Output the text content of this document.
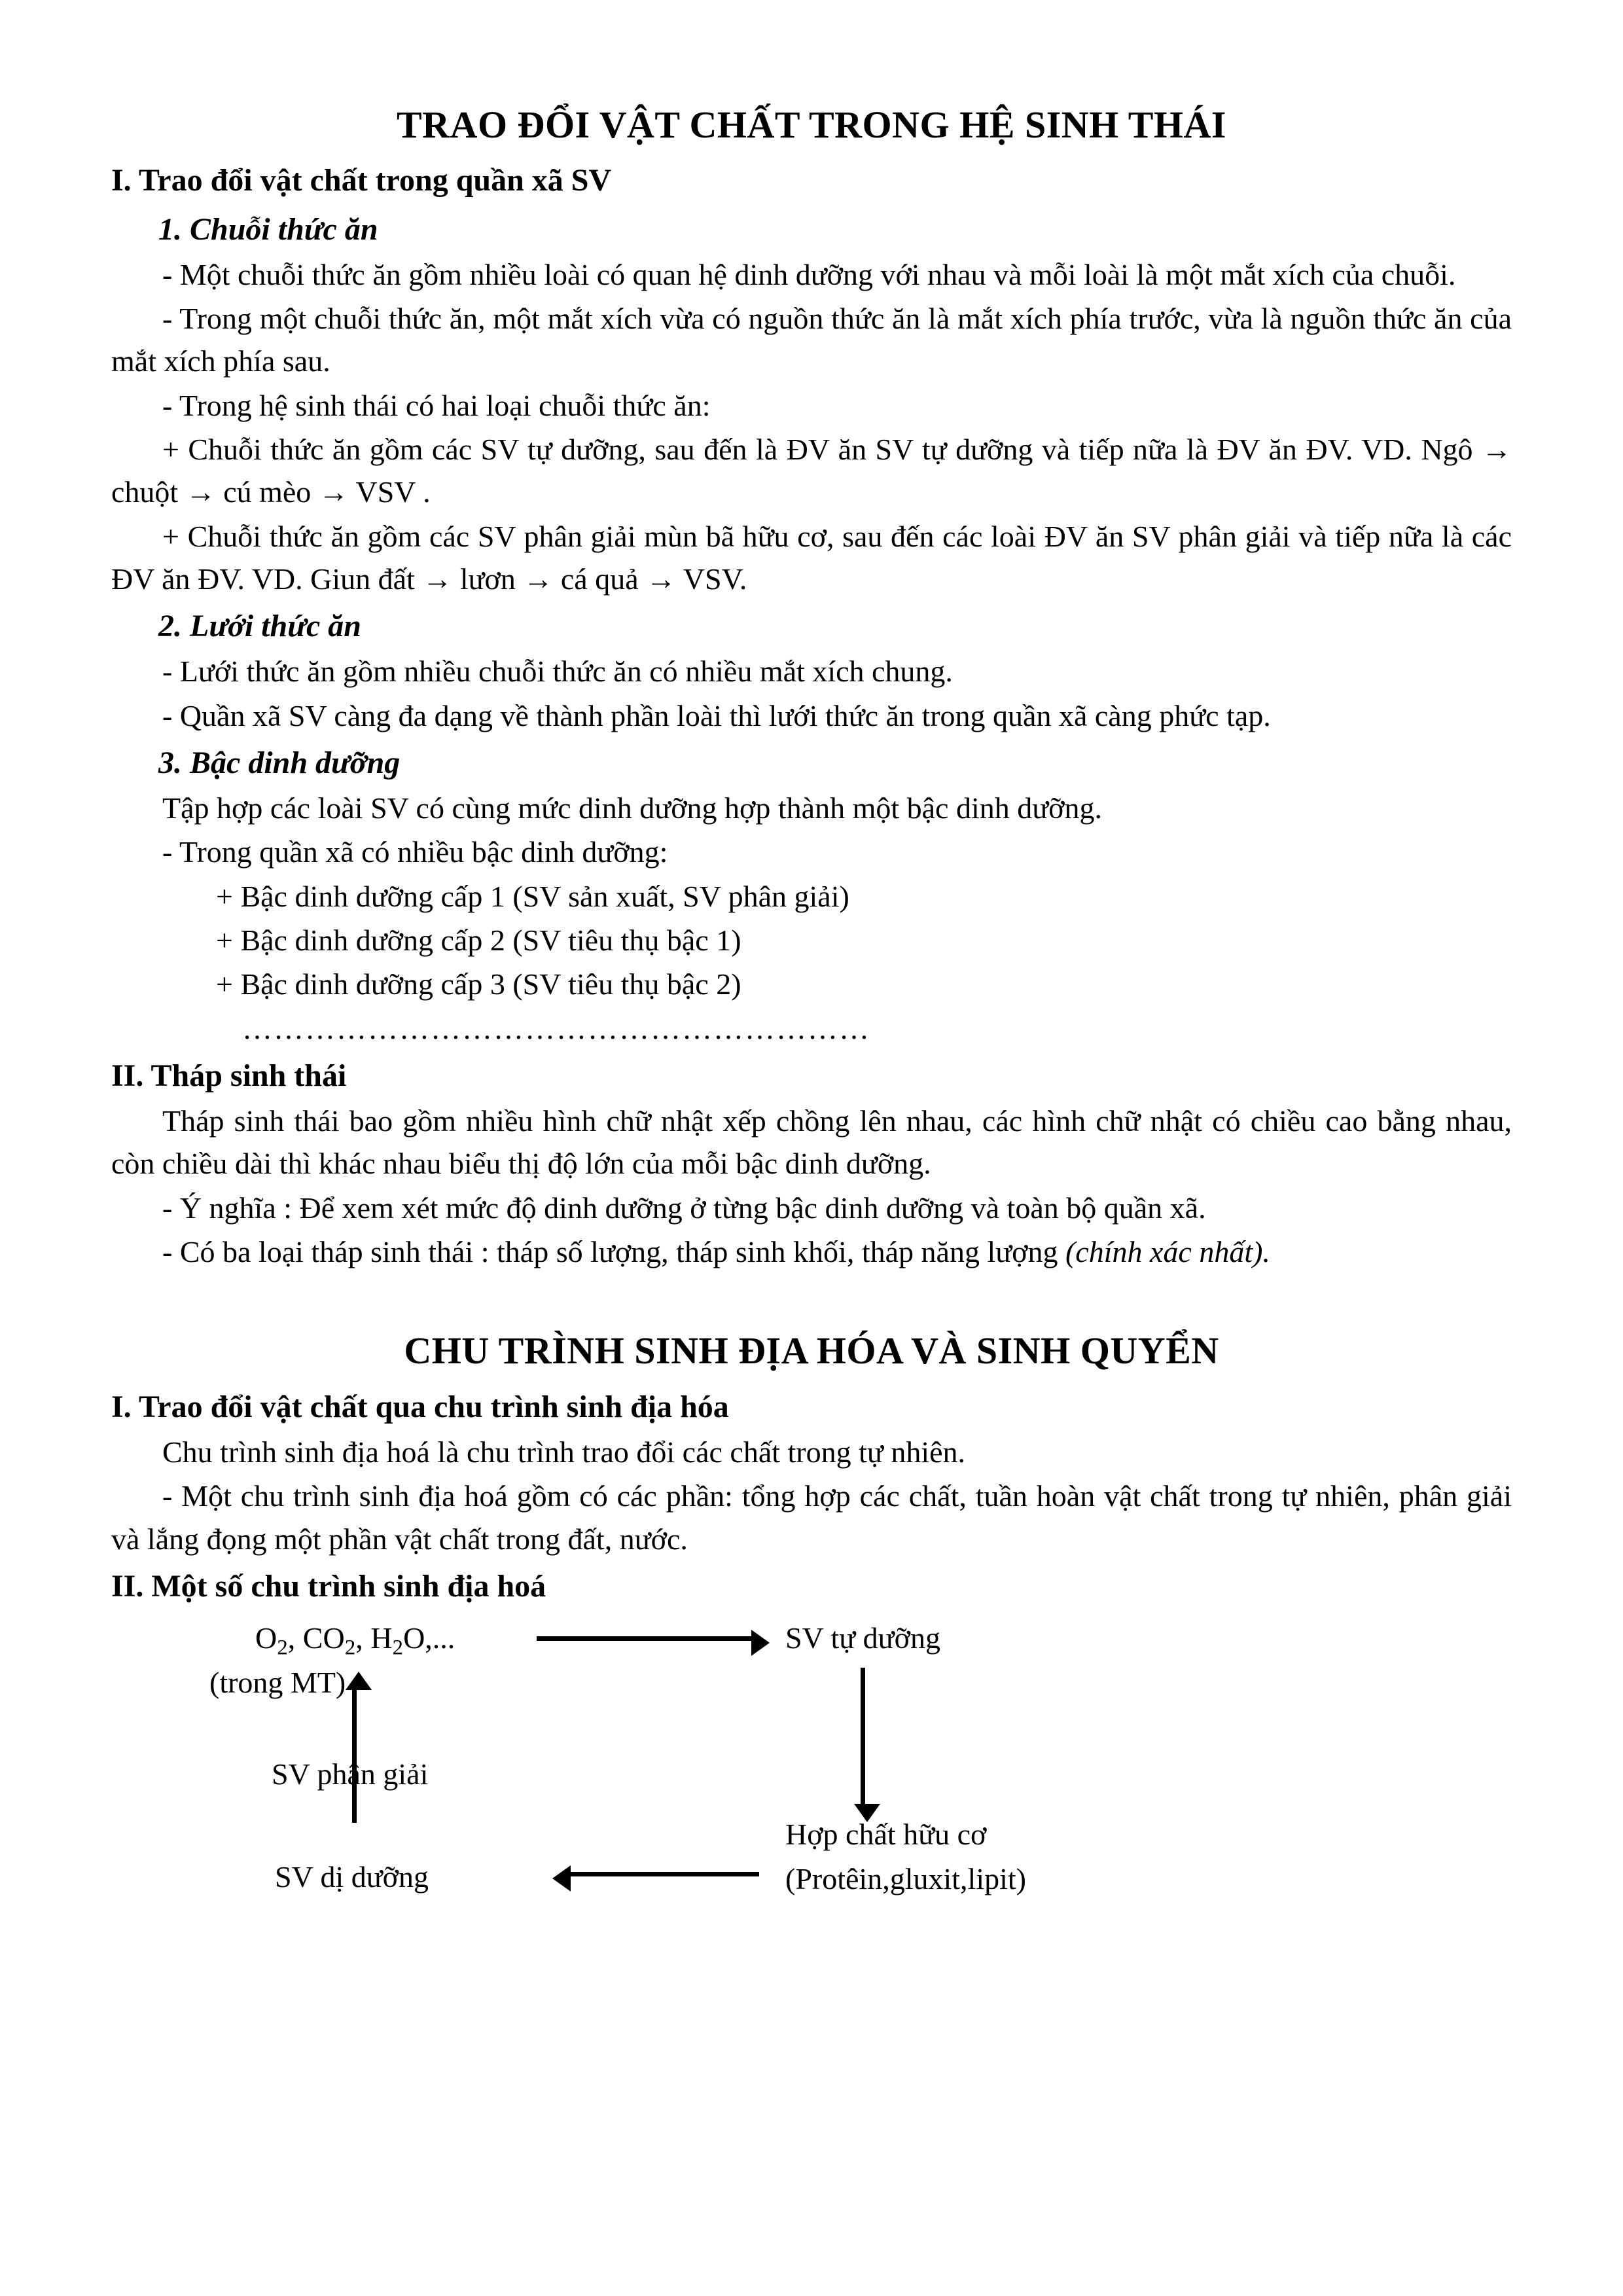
TRAO ĐỔI VẬT CHẤT TRONG HỆ SINH THÁI
I. Trao đổi vật chất trong quần xã SV
1. Chuỗi thức ăn

- Một chuỗi thức ăn gồm nhiều loài có quan hệ dinh dưỡng với nhau và mỗi loài là một mắt xích của chuỗi.

- Trong một chuỗi thức ăn, một mắt xích vừa có nguồn thức ăn là mắt xích phía trước, vừa là nguồn thức ăn của mắt xích phía sau.

- Trong hệ sinh thái có hai loại chuỗi thức ăn:

+ Chuỗi thức ăn gồm các SV tự dưỡng, sau đến là ĐV ăn SV tự dưỡng và tiếp nữa là ĐV ăn ĐV. VD. Ngô → chuột → cú mèo → VSV .

+ Chuỗi thức ăn gồm các SV phân giải mùn bã hữu cơ, sau đến các loài ĐV ăn SV phân giải và tiếp nữa là các ĐV ăn ĐV. VD. Giun đất → lươn → cá quả → VSV.

2. Lưới thức ăn

- Lưới thức ăn gồm nhiều chuỗi thức ăn có nhiều mắt xích chung.

- Quần xã SV càng đa dạng về thành phần loài thì lưới thức ăn trong quần xã càng phức tạp.

3. Bậc dinh dưỡng

Tập hợp các loài SV có cùng mức dinh dưỡng hợp thành một bậc dinh dưỡng.

- Trong quần xã có nhiều bậc dinh dưỡng:

+ Bậc dinh dưỡng cấp 1 (SV sản xuất, SV phân giải)

+ Bậc dinh dưỡng cấp 2 (SV tiêu thụ bậc 1)

+ Bậc dinh dưỡng cấp 3 (SV tiêu thụ bậc 2)

……………………………………………………

II. Tháp sinh thái

Tháp sinh thái bao gồm nhiều hình chữ nhật xếp chồng lên nhau, các hình chữ nhật có chiều cao bằng nhau, còn chiều dài thì khác nhau biểu thị độ lớn của mỗi bậc dinh dưỡng.

- Ý nghĩa : Để xem xét mức độ dinh dưỡng ở từng bậc dinh dưỡng và toàn bộ quần xã.

- Có ba loại tháp sinh thái : tháp số lượng, tháp sinh khối, tháp năng lượng (chính xác nhất).

CHU TRÌNH SINH ĐỊA HÓA VÀ SINH QUYỂN
I. Trao đổi vật chất qua chu trình sinh địa hóa

Chu trình sinh địa hoá là chu trình trao đổi các chất trong tự nhiên.

- Một chu trình sinh địa hoá gồm có các phần: tổng hợp các chất, tuần hoàn vật chất trong tự nhiên, phân giải và lắng đọng một phần vật chất trong đất, nước.

II. Một số chu trình sinh địa hoá
$O_2$, $CO_2$, $H_2O$,...
(trong MT)
SV tự dưỡng
Hợp chất hữu cơ
(Protêin,gluxit,lipit)
SV dị dưỡng
SV phân giải
